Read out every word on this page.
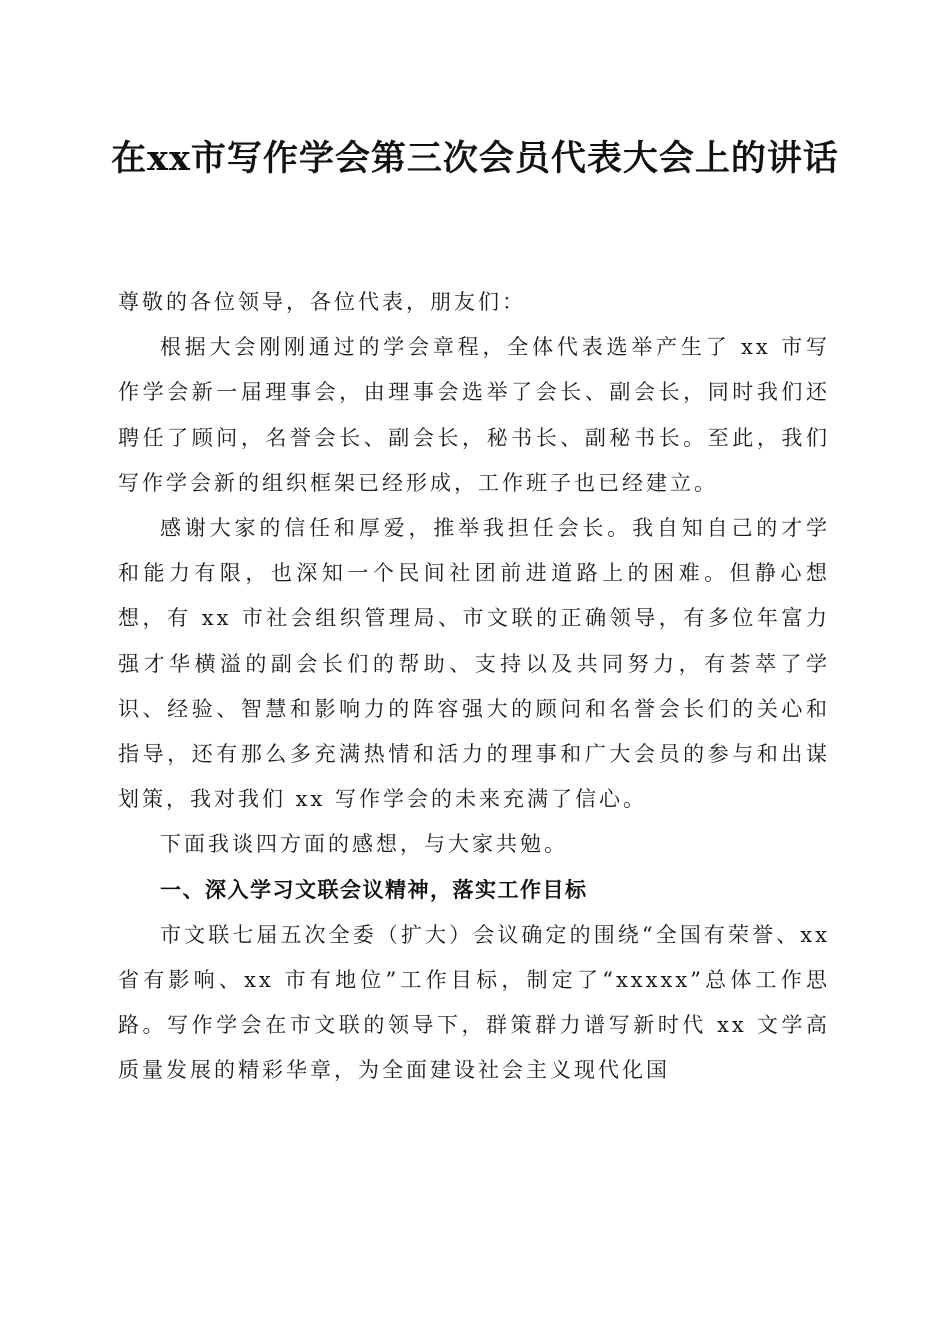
在xx市写作学会第三次会员代表大会上的讲话

尊敬的各位领导，各位代表，朋友们：

根据大会刚刚通过的学会章程，全体代表选举产生了 xx 市写作学会新一届理事会，由理事会选举了会长、副会长，同时我们还聘任了顾问，名誉会长、副会长，秘书长、副秘书长。至此，我们写作学会新的组织框架已经形成，工作班子也已经建立。

感谢大家的信任和厚爱，推举我担任会长。我自知自己的才学和能力有限，也深知一个民间社团前进道路上的困难。但静心想想，有 xx 市社会组织管理局、市文联的正确领导，有多位年富力强才华横溢的副会长们的帮助、支持以及共同努力，有荟萃了学识、经验、智慧和影响力的阵容强大的顾问和名誉会长们的关心和指导，还有那么多充满热情和活力的理事和广大会员的参与和出谋划策，我对我们 xx 写作学会的未来充满了信心。

下面我谈四方面的感想，与大家共勉。

一、深入学习文联会议精神，落实工作目标

市文联七届五次全委（扩大）会议确定的围绕“全国有荣誉、xx 省有影响、xx 市有地位”工作目标，制定了“xxxxx”总体工作思路。写作学会在市文联的领导下，群策群力谱写新时代 xx 文学高质量发展的精彩华章，为全面建设社会主义现代化国
